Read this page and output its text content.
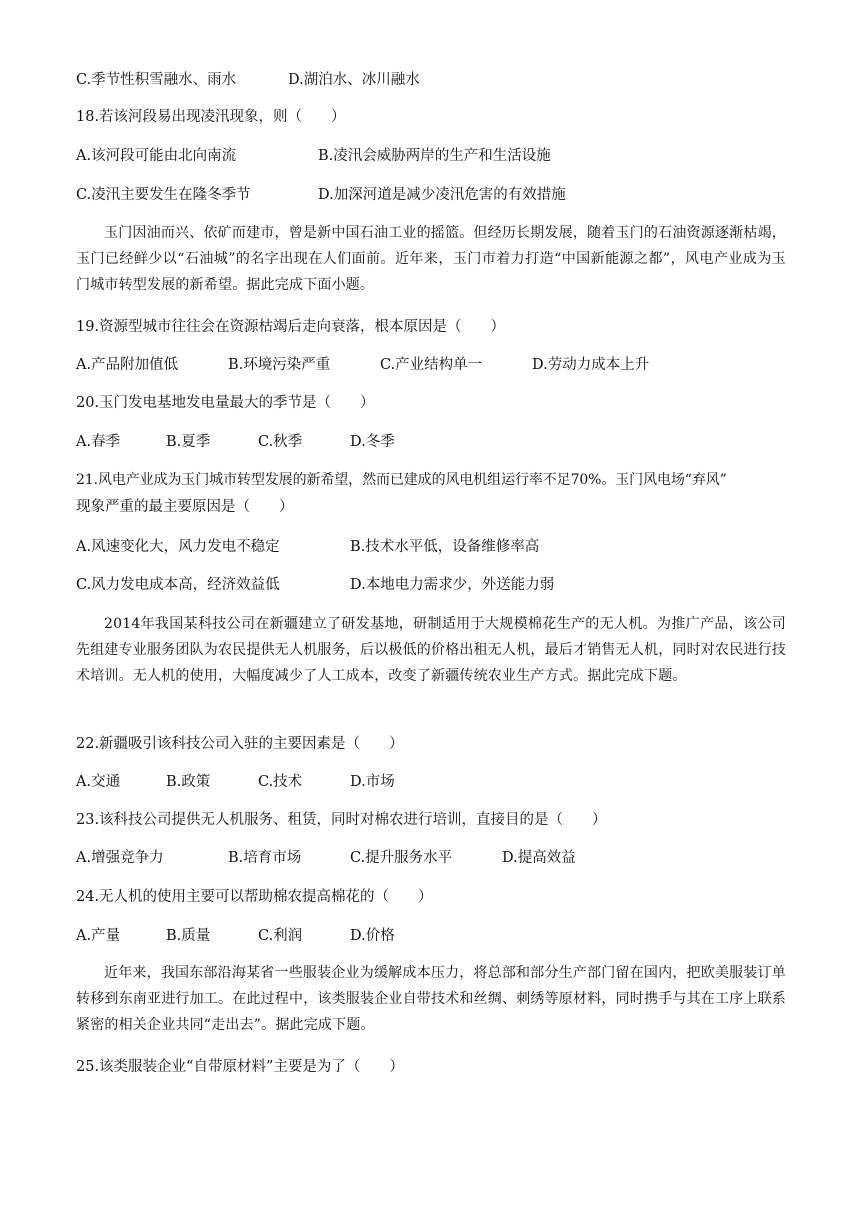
C.季节性积雪融水、雨水	D.湖泊水、冰川融水
18.若该河段易出现凌汛现象，则（　　）
A.该河段可能由北向南流	B.凌汛会威胁两岸的生产和生活设施
C.凌汛主要发生在隆冬季节	D.加深河道是减少凌汛危害的有效措施

玉门因油而兴、依矿而建市，曾是新中国石油工业的摇篮。但经历长期发展，随着玉门的石油资源逐渐枯竭，玉门已经鲜少以“石油城”的名字出现在人们面前。近年来，玉门市着力打造“中国新能源之都”，风电产业成为玉门城市转型发展的新希望。据此完成下面小题。

19.资源型城市往往会在资源枯竭后走向衰落，根本原因是（　　）
A.产品附加值低	B.环境污染严重	C.产业结构单一	D.劳动力成本上升
20.玉门发电基地发电量最大的季节是（　　）
A.春季	B.夏季	C.秋季	D.冬季
21.风电产业成为玉门城市转型发展的新希望，然而已建成的风电机组运行率不足70%。玉门风电场“弃风”
现象严重的最主要原因是（　　）
A.风速变化大，风力发电不稳定	B.技术水平低，设备维修率高
C.风力发电成本高，经济效益低	D.本地电力需求少，外送能力弱

2014年我国某科技公司在新疆建立了研发基地，研制适用于大规模棉花生产的无人机。为推广产品，该公司先组建专业服务团队为农民提供无人机服务，后以极低的价格出租无人机，最后才销售无人机，同时对农民进行技术培训。无人机的使用，大幅度减少了人工成本，改变了新疆传统农业生产方式。据此完成下题。

22.新疆吸引该科技公司入驻的主要因素是（　　）
A.交通	B.政策	C.技术	D.市场
23.该科技公司提供无人机服务、租赁，同时对棉农进行培训，直接目的是（　　）
A.增强竞争力	B.培育市场	C.提升服务水平	D.提高效益
24.无人机的使用主要可以帮助棉农提高棉花的（　　）
A.产量	B.质量	C.利润	D.价格

近年来，我国东部沿海某省一些服装企业为缓解成本压力，将总部和部分生产部门留在国内，把欧美服装订单转移到东南亚进行加工。在此过程中，该类服装企业自带技术和丝绸、刺绣等原材料，同时携手与其在工序上联系紧密的相关企业共同“走出去”。据此完成下题。

25.该类服装企业“自带原材料”主要是为了（　　）
